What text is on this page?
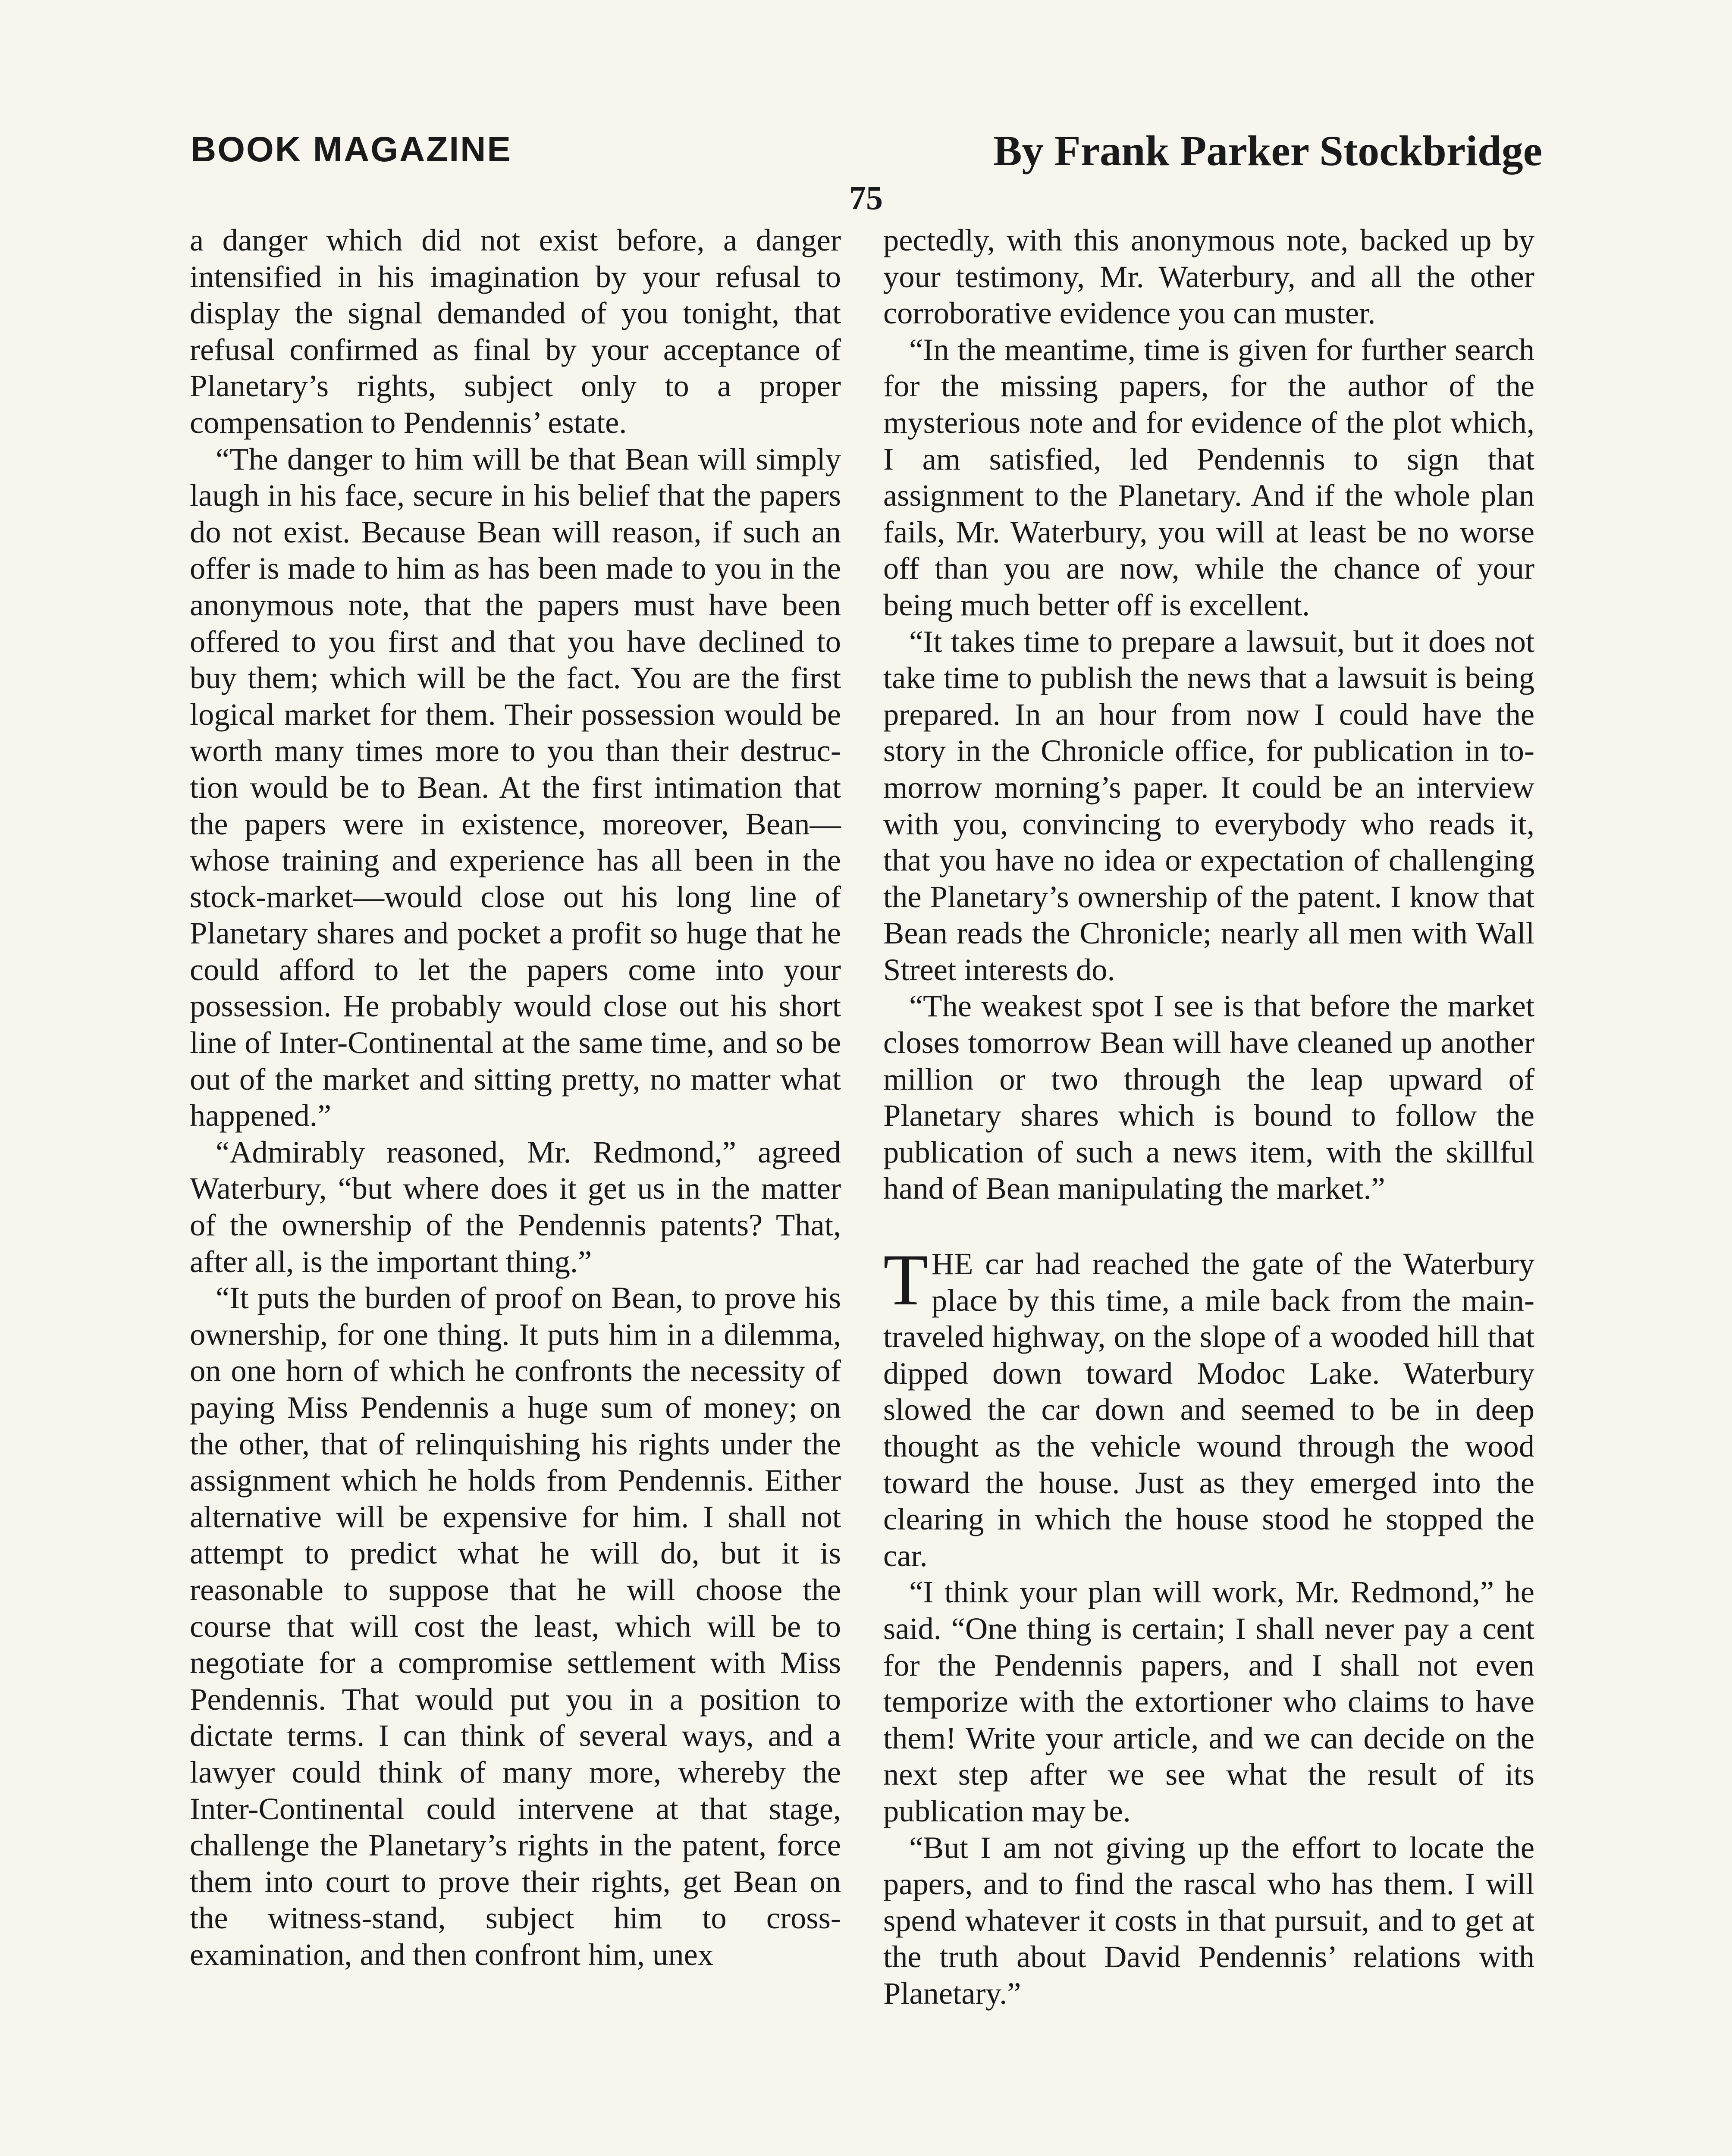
BOOK MAGAZINE	By Frank Parker Stockbridge
75

a danger which did not exist before, a danger intensified in his imagination by your refusal to display the signal demanded of you tonight, that refusal confirmed as final by your acceptance of Planetary’s rights, subject only to a proper compensation to Pendennis’ estate.

“The danger to him will be that Bean will simply laugh in his face, secure in his belief that the papers do not exist. Because Bean will reason, if such an offer is made to him as has been made to you in the anonymous note, that the papers must have been offered to you first and that you have declined to buy them; which will be the fact. You are the first logical market for them. Their possession would be worth many times more to you than their destruction would be to Bean. At the first intimation that the papers were in existence, moreover, Bean—whose training and experience has all been in the stock-market—would close out his long line of Planetary shares and pocket a profit so huge that he could afford to let the papers come into your possession. He probably would close out his short line of Inter-Continental at the same time, and so be out of the market and sitting pretty, no matter what happened.”

“Admirably reasoned, Mr. Redmond,” agreed Waterbury, “but where does it get us in the matter of the ownership of the Pendennis patents? That, after all, is the important thing.”

“It puts the burden of proof on Bean, to prove his ownership, for one thing. It puts him in a dilemma, on one horn of which he confronts the necessity of paying Miss Pendennis a huge sum of money; on the other, that of relinquishing his rights under the assignment which he holds from Pendennis. Either alternative will be expensive for him. I shall not attempt to predict what he will do, but it is reasonable to suppose that he will choose the course that will cost the least, which will be to negotiate for a compromise settlement with Miss Pendennis. That would put you in a position to dictate terms. I can think of several ways, and a lawyer could think of many more, whereby the Inter-Continental could intervene at that stage, challenge the Planetary’s rights in the patent, force them into court to prove their rights, get Bean on the witness-stand, subject him to cross-examination, and then confront him, unex

pectedly, with this anonymous note, backed up by your testimony, Mr. Waterbury, and all the other corroborative evidence you can muster.

“In the meantime, time is given for further search for the missing papers, for the author of the mysterious note and for evidence of the plot which, I am satisfied, led Pendennis to sign that assignment to the Planetary. And if the whole plan fails, Mr. Waterbury, you will at least be no worse off than you are now, while the chance of your being much better off is excellent.

“It takes time to prepare a lawsuit, but it does not take time to publish the news that a lawsuit is being prepared. In an hour from now I could have the story in the Chronicle office, for publication in tomorrow morning’s paper. It could be an interview with you, convincing to everybody who reads it, that you have no idea or expectation of challenging the Planetary’s ownership of the patent. I know that Bean reads the Chronicle; nearly all men with Wall Street interests do.

“The weakest spot I see is that before the market closes tomorrow Bean will have cleaned up another million or two through the leap upward of Planetary shares which is bound to follow the publication of such a news item, with the skillful hand of Bean manipulating the market.”

THE car had reached the gate of the Waterbury place by this time, a mile back from the main-traveled highway, on the slope of a wooded hill that dipped down toward Modoc Lake. Waterbury slowed the car down and seemed to be in deep thought as the vehicle wound through the wood toward the house. Just as they emerged into the clearing in which the house stood he stopped the car.

“I think your plan will work, Mr. Redmond,” he said. “One thing is certain; I shall never pay a cent for the Pendennis papers, and I shall not even temporize with the extortioner who claims to have them! Write your article, and we can decide on the next step after we see what the result of its publication may be.

“But I am not giving up the effort to locate the papers, and to find the rascal who has them. I will spend whatever it costs in that pursuit, and to get at the truth about David Pendennis’ relations with Planetary.”
